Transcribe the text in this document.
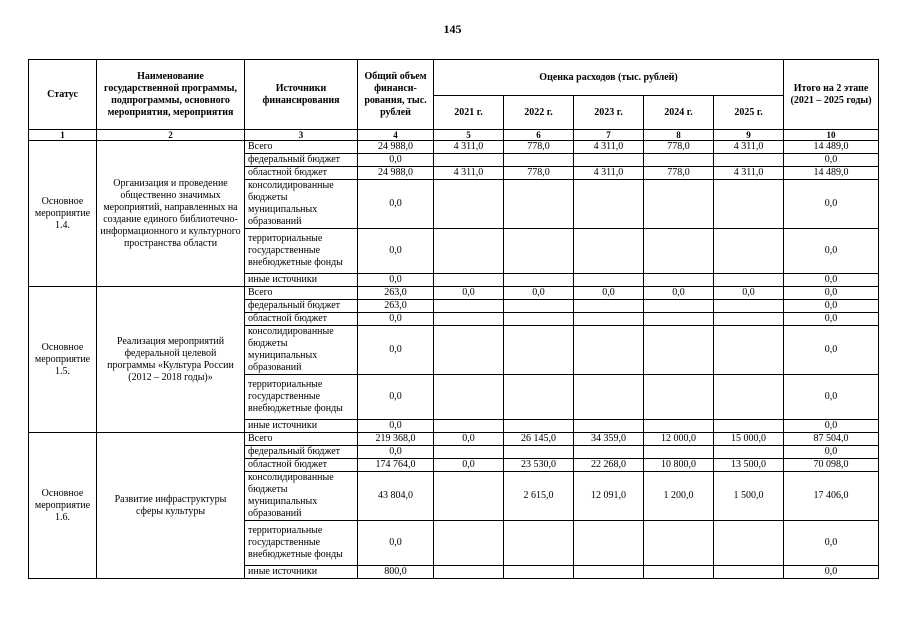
145
Статус	Наименование государственной программы, подпрограммы, основного мероприятия, мероприятия	Источники финансирования	Общий объем финанси-рования, тыс. рублей	Оценка расходов (тыс. рублей)					Итого на 2 этапе (2021 – 2025 годы)
				2021 г.	2022 г.	2023 г.	2024 г.	2025 г.	
1	2	3	4	5	6	7	8	9	10
Основное мероприятие 1.4.	Организация и проведение общественно значимых мероприятий, направленных на создание единого библиотечно-информационного и культурного пространства области	Всего	24 988,0	4 311,0	778,0	4 311,0	778,0	4 311,0	14 489,0
		федеральный бюджет	0,0						0,0
		областной бюджет	24 988,0	4 311,0	778,0	4 311,0	778,0	4 311,0	14 489,0
		консолидированные бюджеты муниципальных образований	0,0						0,0
		территориальные государственные внебюджетные фонды	0,0						0,0
		иные источники	0,0						0,0
Основное мероприятие 1.5.	Реализация мероприятий федеральной целевой программы «Культура России (2012 – 2018 годы)»	Всего	263,0	0,0	0,0	0,0	0,0	0,0	0,0
		федеральный бюджет	263,0						0,0
		областной бюджет	0,0						0,0
		консолидированные бюджеты муниципальных образований	0,0						0,0
		территориальные государственные внебюджетные фонды	0,0						0,0
		иные источники	0,0						0,0
Основное мероприятие 1.6.	Развитие инфраструктуры сферы культуры	Всего	219 368,0	0,0	26 145,0	34 359,0	12 000,0	15 000,0	87 504,0
		федеральный бюджет	0,0						0,0
		областной бюджет	174 764,0	0,0	23 530,0	22 268,0	10 800,0	13 500,0	70 098,0
		консолидированные бюджеты муниципальных образований	43 804,0		2 615,0	12 091,0	1 200,0	1 500,0	17 406,0
		территориальные государственные внебюджетные фонды	0,0						0,0
		иные источники	800,0						0,0
